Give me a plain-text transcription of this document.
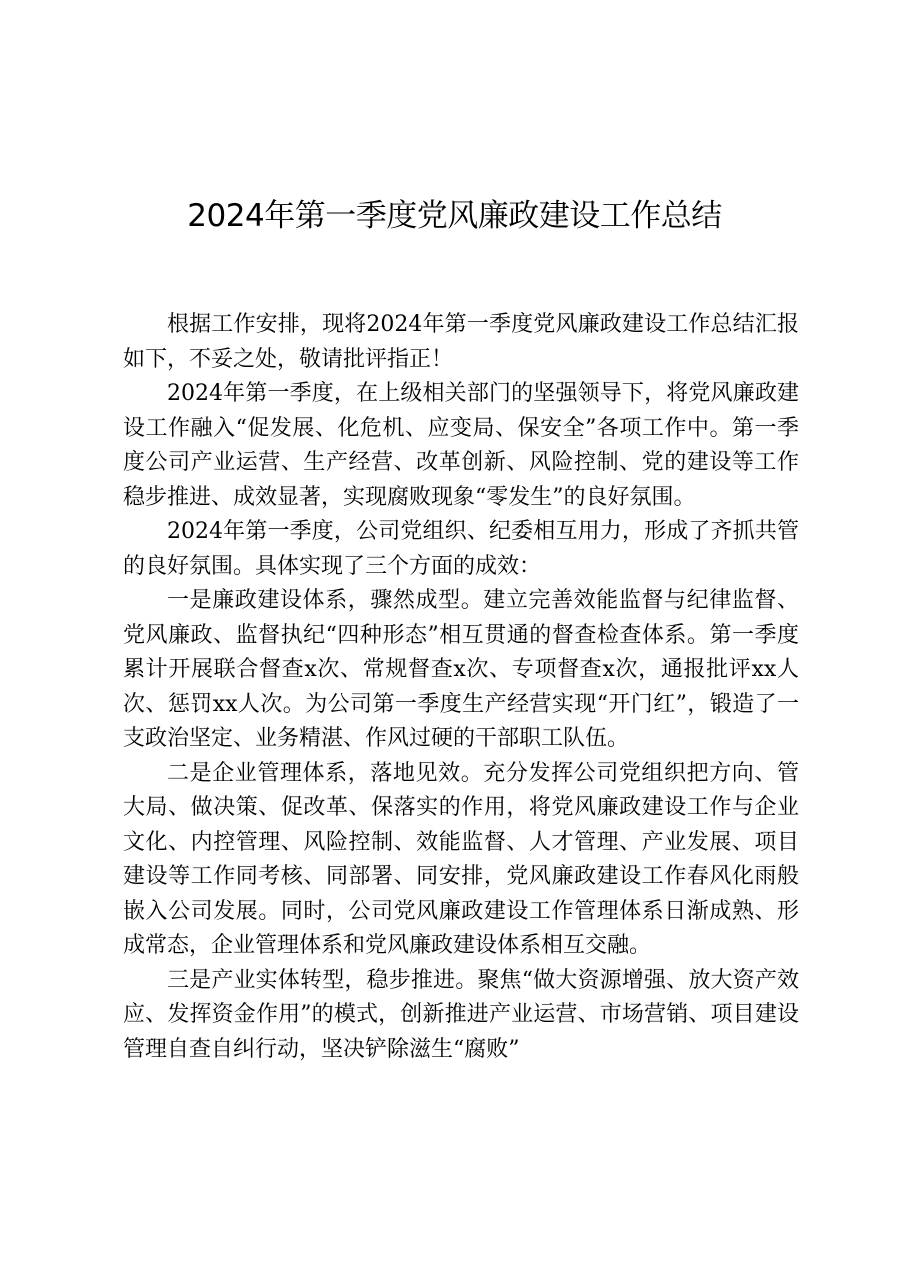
2024年第一季度党风廉政建设工作总结

根据工作安排，现将2024年第一季度党风廉政建设工作总结汇报如下，不妥之处，敬请批评指正！

2024年第一季度，在上级相关部门的坚强领导下，将党风廉政建设工作融入“促发展、化危机、应变局、保安全”各项工作中。第一季度公司产业运营、生产经营、改革创新、风险控制、党的建设等工作稳步推进、成效显著，实现腐败现象“零发生”的良好氛围。

2024年第一季度，公司党组织、纪委相互用力，形成了齐抓共管的良好氛围。具体实现了三个方面的成效：

一是廉政建设体系，骤然成型。建立完善效能监督与纪律监督、党风廉政、监督执纪“四种形态”相互贯通的督查检查体系。第一季度累计开展联合督查x次、常规督查x次、专项督查x次，通报批评xx人次、惩罚xx人次。为公司第一季度生产经营实现“开门红”，锻造了一支政治坚定、业务精湛、作风过硬的干部职工队伍。

二是企业管理体系，落地见效。充分发挥公司党组织把方向、管大局、做决策、促改革、保落实的作用，将党风廉政建设工作与企业文化、内控管理、风险控制、效能监督、人才管理、产业发展、项目建设等工作同考核、同部署、同安排，党风廉政建设工作春风化雨般嵌入公司发展。同时，公司党风廉政建设工作管理体系日渐成熟、形成常态，企业管理体系和党风廉政建设体系相互交融。

三是产业实体转型，稳步推进。聚焦“做大资源增强、放大资产效应、发挥资金作用”的模式，创新推进产业运营、市场营销、项目建设管理自查自纠行动，坚决铲除滋生“腐败”
